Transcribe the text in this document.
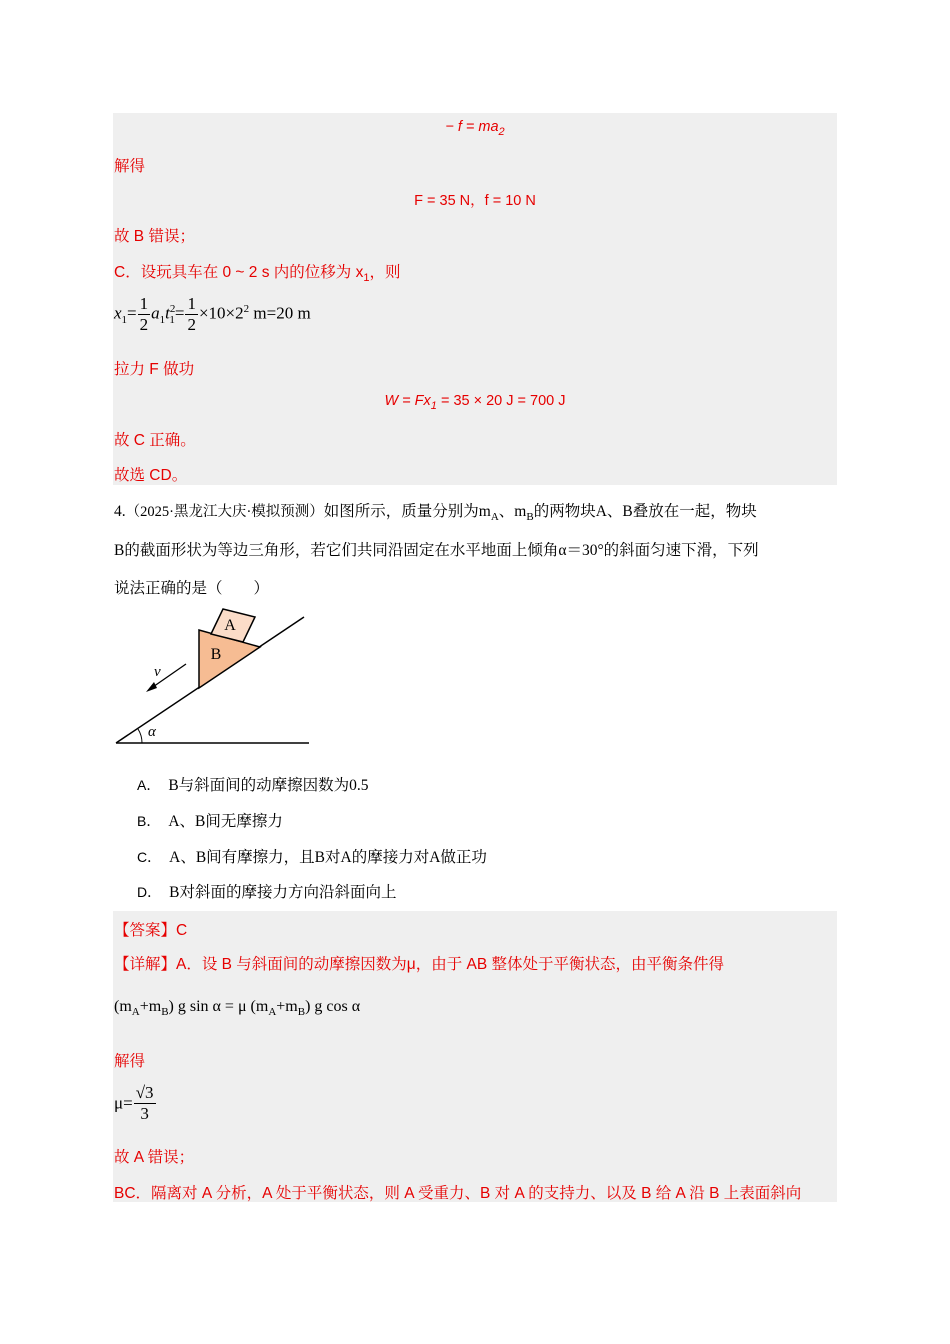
− $f = ma_2$
解得
F = 35 N，f = 10 N
故 B 错误；
C．设玩具车在 0 ~ 2 s 内的位移为 $x_1$，则
$x_1= \frac{1}{2} a_1t^2_1= \frac{1}{2} \times 10\times 2^2$ m=20 m
拉力 F 做功
$W = Fx_1 = 35 \times 20$ J = 700 J
故 C 正确。
故选 CD。
4.（2025·黑龙江大庆·模拟预测）如图所示，质量分别为$m_A$、$m_B$的两物块A、B叠放在一起，物块
B的截面形状为等边三角形，若它们共同沿固定在水平地面上倾角α＝30°的斜面匀速下滑，下列
说法正确的是（　　）
A
B
v
α
A． B与斜面间的动摩擦因数为0.5
B． A、B间无摩擦力
C． A、B间有摩擦力，且B对A的摩接力对A做正功
D． B对斜面的摩接力方向沿斜面向上
【答案】C
【详解】A．设 B 与斜面间的动摩擦因数为μ，由于 AB 整体处于平衡状态，由平衡条件得
$(m_A+m_B)$ g sin α = μ $(m_A+m_B)$ g cos α
解得
$\mu= \frac{√3}{3}$
故 A 错误；
BC．隔离对 A 分析，A 处于平衡状态，则 A 受重力、B 对 A 的支持力、以及 B 给 A 沿 B 上表面斜向
